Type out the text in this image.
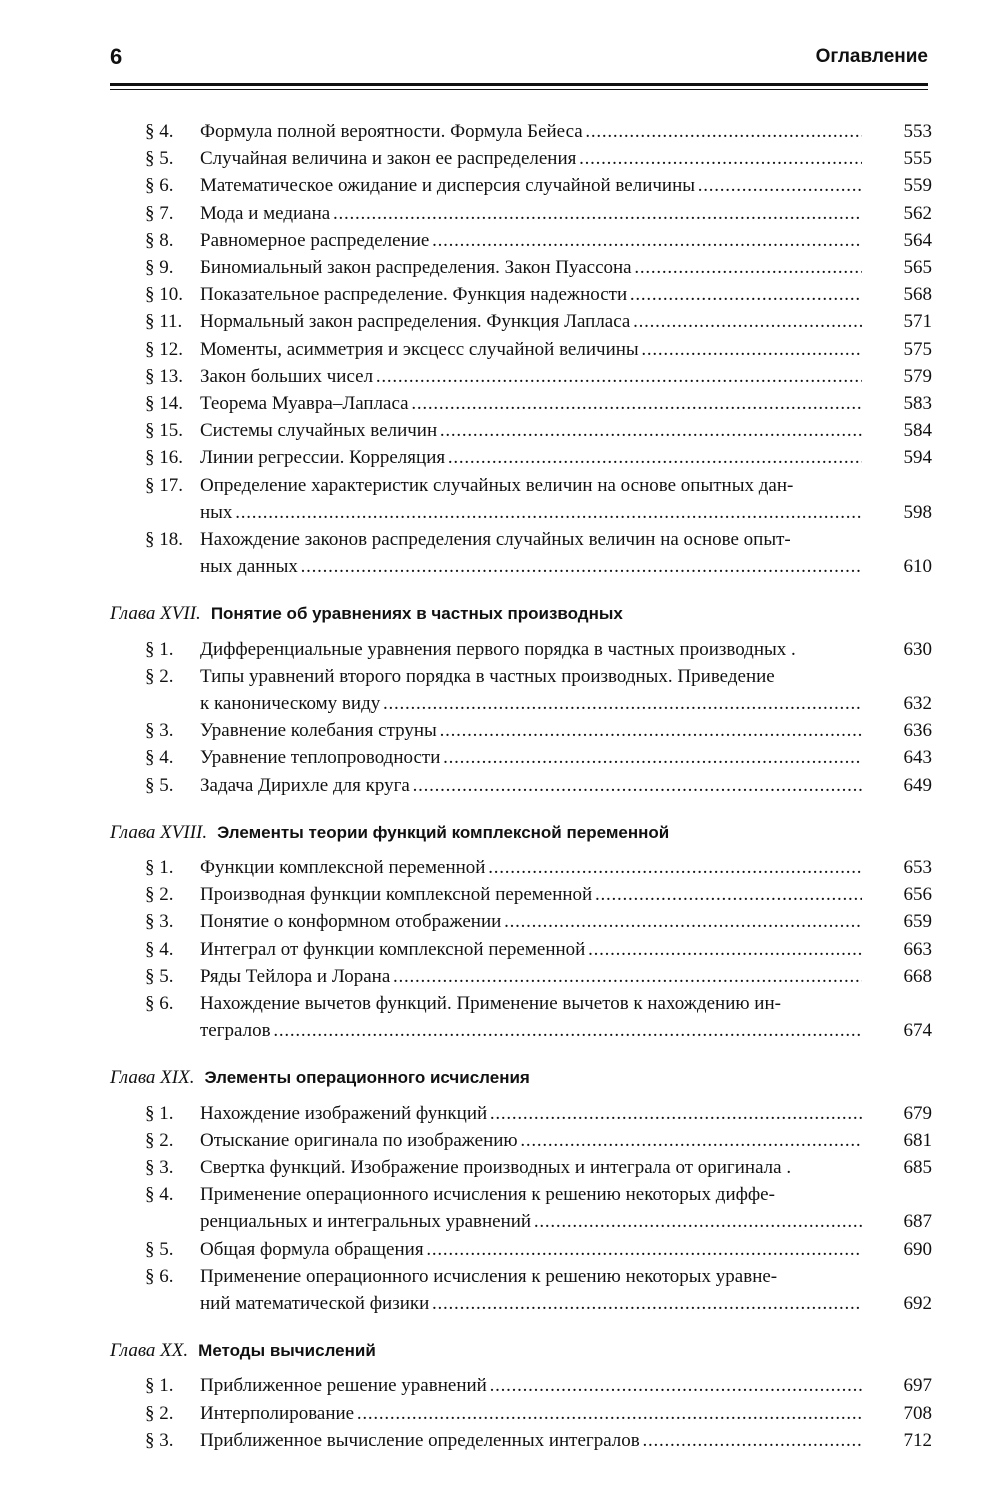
6	Оглавление
§ 4. Формула полной вероятности. Формула Бейеса . . .	553
§ 5. Случайная величина и закон ее распределения . . .	555
§ 6. Математическое ожидание и дисперсия случайной величины . . .	559
§ 7. Мода и медиана . . .	562
§ 8. Равномерное распределение . . .	564
§ 9. Биномиальный закон распределения. Закон Пуассона . . .	565
§ 10. Показательное распределение. Функция надежности . . .	568
§ 11. Нормальный закон распределения. Функция Лапласа . . .	571
§ 12. Моменты, асимметрия и эксцесс случайной величины . . .	575
§ 13. Закон больших чисел . . .	579
§ 14. Теорема Муавра–Лапласа . . .	583
§ 15. Системы случайных величин . . .	584
§ 16. Линии регрессии. Корреляция . . .	594
§ 17. Определение характеристик случайных величин на основе опытных дан-
ных . . .	598
§ 18. Нахождение законов распределения случайных величин на основе опыт-
ных данных . . .	610
Глава XVII. Понятие об уравнениях в частных производных
§ 1. Дифференциальные уравнения первого порядка в частных производных .	630
§ 2. Типы уравнений второго порядка в частных производных. Приведение
к каноническому виду . . .	632
§ 3. Уравнение колебания струны . . .	636
§ 4. Уравнение теплопроводности . . .	643
§ 5. Задача Дирихле для круга . . .	649
Глава XVIII. Элементы теории функций комплексной переменной
§ 1. Функции комплексной переменной . . .	653
§ 2. Производная функции комплексной переменной . . .	656
§ 3. Понятие о конформном отображении . . .	659
§ 4. Интеграл от функции комплексной переменной . . .	663
§ 5. Ряды Тейлора и Лорана . . .	668
§ 6. Нахождение вычетов функций. Применение вычетов к нахождению ин-
тегралов . . .	674
Глава XIX. Элементы операционного исчисления
§ 1. Нахождение изображений функций . . .	679
§ 2. Отыскание оригинала по изображению . . .	681
§ 3. Свертка функций. Изображение производных и интеграла от оригинала .	685
§ 4. Применение операционного исчисления к решению некоторых диффе-
ренциальных и интегральных уравнений . . .	687
§ 5. Общая формула обращения . . .	690
§ 6. Применение операционного исчисления к решению некоторых уравне-
ний математической физики . . .	692
Глава XX. Методы вычислений
§ 1. Приближенное решение уравнений . . .	697
§ 2. Интерполирование . . .	708
§ 3. Приближенное вычисление определенных интегралов . . .	712
